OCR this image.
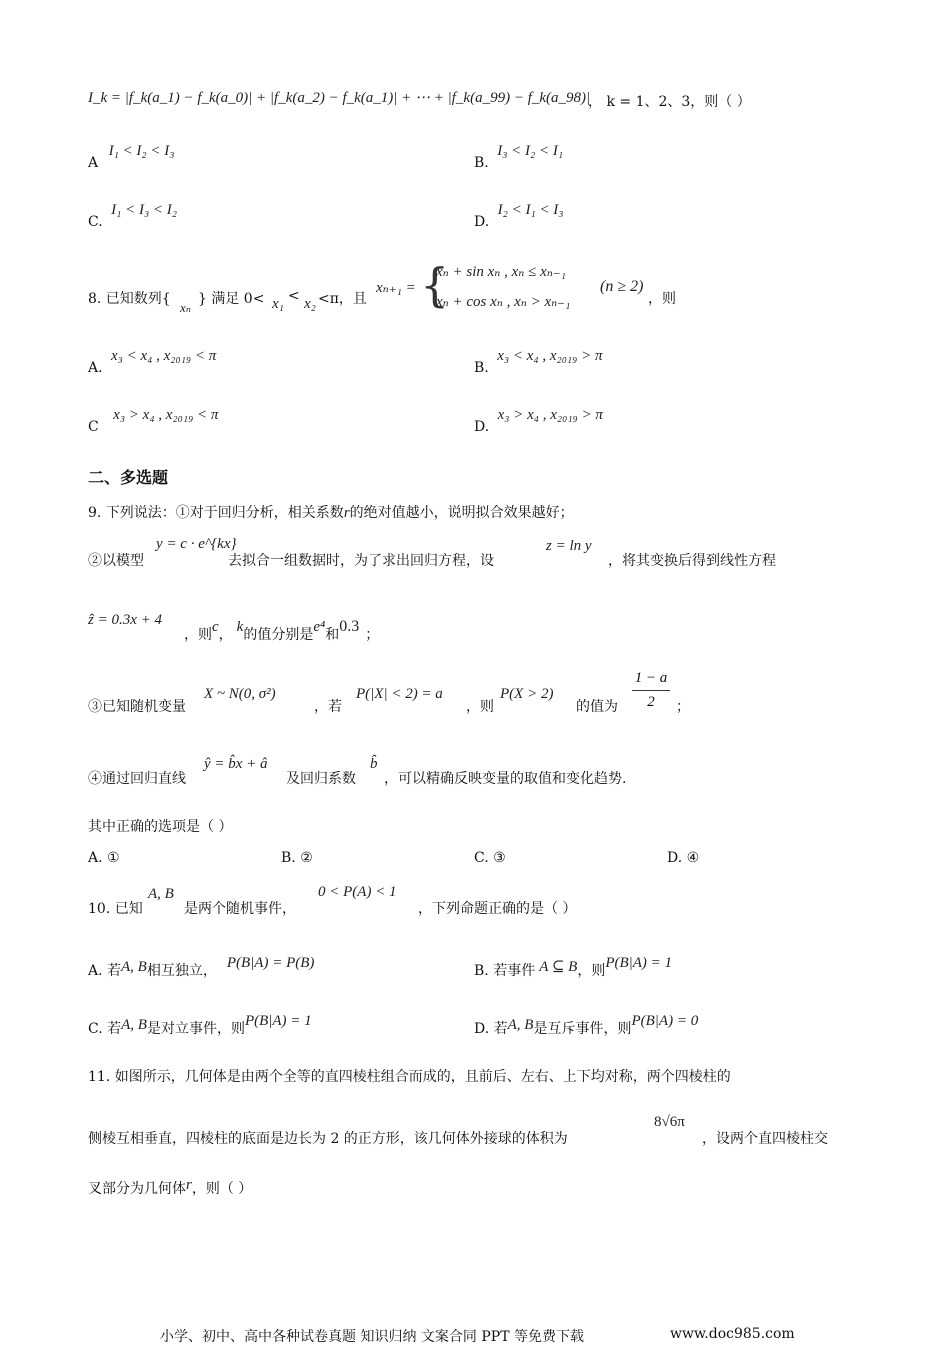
I_k = |f_k(a_1) − f_k(a_0)| + |f_k(a_2) − f_k(a_1)| + ⋯ + |f_k(a_99) − f_k(a_98)|
， k = 1、2、3，则（ ）
A I₁ < I₂ < I₃
B. I₃ < I₂ < I₁
C. I₁ < I₃ < I₂
D. I₂ < I₁ < I₃
8. 已知数列{
xₙ
} 满足 0< x₁ < x₂ <π，且
xₙ₊₁ = {
xₙ + sin xₙ , xₙ ≤ xₙ₋₁
xₙ + cos xₙ , xₙ > xₙ₋₁
(n ≥ 2)
，则
A. x₃ < x₄ , x₂₀₁₉ < π
B. x₃ < x₄ , x₂₀₁₉ > π
C x₃ > x₄ , x₂₀₁₉ < π
D. x₃ > x₄ , x₂₀₁₉ > π
二、多选题
9. 下列说法：①对于回归分析，相关系数r的绝对值越小，说明拟合效果越好；
②以模型
y = c · e^{kx}
去拟合一组数据时，为了求出回归方程，设
z = ln y
，将其变换后得到线性方程
ẑ = 0.3x + 4
，则c， k的值分别是e⁴和0.3 ；
③已知随机变量
X ~ N(0, σ²)
，若
P(|X| < 2) = a
，则
P(X > 2)
的值为
1 − a
2	；
④通过回归直线
ŷ = b̂x + â
及回归系数
b̂
，可以精确反映变量的取值和变化趋势.
其中正确的选项是（ ）
A. ①	B. ②	C. ③	D. ④
10. 已知
A, B
是两个随机事件，
0 < P(A) < 1
，下列命题正确的是（ ）
A. 若A, B相互独立， P(B|A) = P(B)	B. 若事件 A ⊆ B，则P(B|A) = 1
C. 若A, B是对立事件，则P(B|A) = 1	D. 若A, B是互斥事件，则P(B|A) = 0
11. 如图所示，几何体是由两个全等的直四棱柱组合而成的，且前后、左右、上下均对称，两个四棱柱的
侧棱互相垂直，四棱柱的底面是边长为 2 的正方形，该几何体外接球的体积为
8√6π
，设两个直四棱柱交
叉部分为几何体r，则（ ）
小学、初中、高中各种试卷真题 知识归纳 文案合同 PPT 等免费下载	www.doc985.com
